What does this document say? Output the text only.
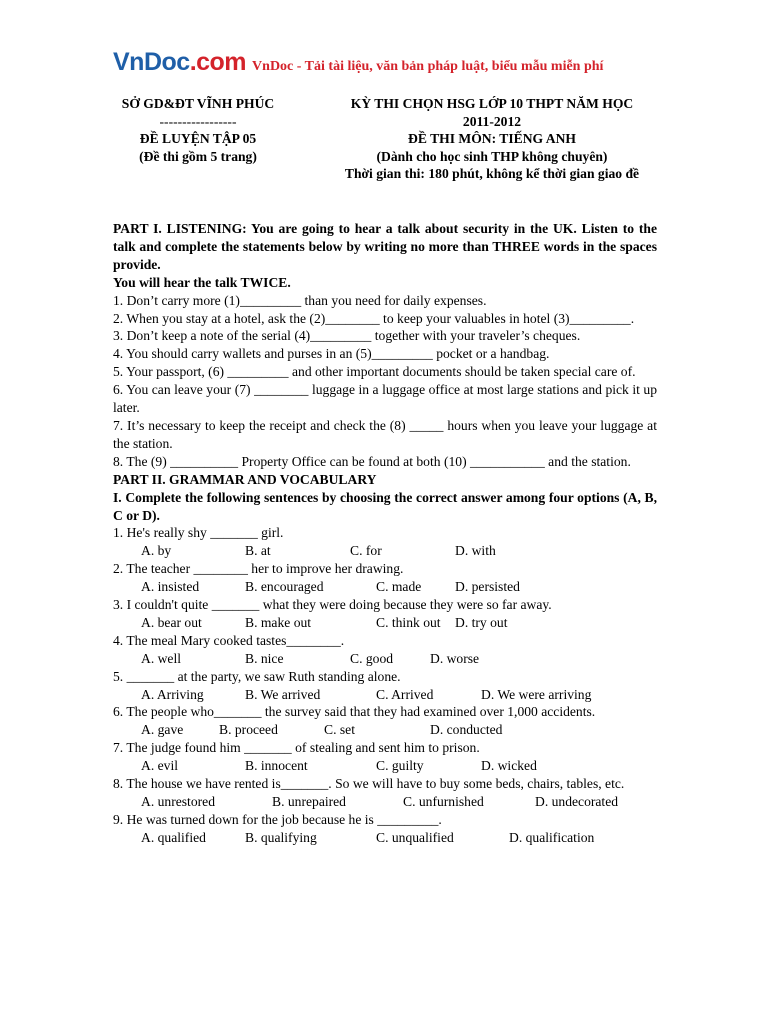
VnDoc.com VnDoc - Tải tài liệu, văn bản pháp luật, biểu mẫu miễn phí
SỞ GD&ĐT VĨNH PHÚC
-----------------
ĐỀ LUYỆN TẬP 05
(Đề thi gồm 5 trang)
KỲ THI CHỌN HSG LỚP 10 THPT NĂM HỌC
2011-2012
ĐỀ THI MÔN: TIẾNG ANH
(Dành cho học sinh THP không chuyên)
Thời gian thi: 180 phút, không kể thời gian giao đề

PART I. LISTENING: You are going to hear a talk about security in the UK. Listen to the talk and complete the statements below by writing no more than THREE words in the spaces provide.

You will hear the talk TWICE.

1. Don’t carry more (1)_________ than you need for daily expenses.

2. When you stay at a hotel, ask the (2)________ to keep your valuables in hotel (3)_________.

3. Don’t keep a note of the serial (4)_________ together with your traveler’s cheques.

4. You should carry wallets and purses in an (5)_________ pocket or a handbag.

5. Your passport, (6) _________ and other important documents should be taken special care of.

6. You can leave your (7) ________ luggage in a luggage office at most large stations and pick it up later.

7. It’s necessary to keep the receipt and check the (8) _____ hours when you leave your luggage at the station.

8. The (9) __________ Property Office can be found at both (10) ___________ and the station.

PART II. GRAMMAR AND VOCABULARY

I. Complete the following sentences by choosing the correct answer among four options (A, B, C or D).

1. He's really shy _______ girl.

A. by	B. at	C. for	D. with

2. The teacher ________ her to improve her drawing.

A. insisted	B. encouraged	C. made	D. persisted

3. I couldn't quite _______ what they were doing because they were so far away.

A. bear out	B. make out	C. think out	D. try out

4. The meal Mary cooked tastes________.

A. well	B. nice	C. good	D. worse

5. _______ at the party, we saw Ruth standing alone.

A. Arriving	B. We arrived	C. Arrived	D. We were arriving

6. The people who_______ the survey said that they had examined over 1,000 accidents.

A. gave	B. proceed	C. set	D. conducted

7. The judge found him _______ of stealing and sent him to prison.

A. evil	B. innocent	C. guilty	D. wicked

8. The house we have rented is_______. So we will have to buy some beds, chairs, tables, etc.

A. unrestored	B. unrepaired	C. unfurnished	D. undecorated

9. He was turned down for the job because he is _________.

A. qualified	B. qualifying	C. unqualified	D. qualification
